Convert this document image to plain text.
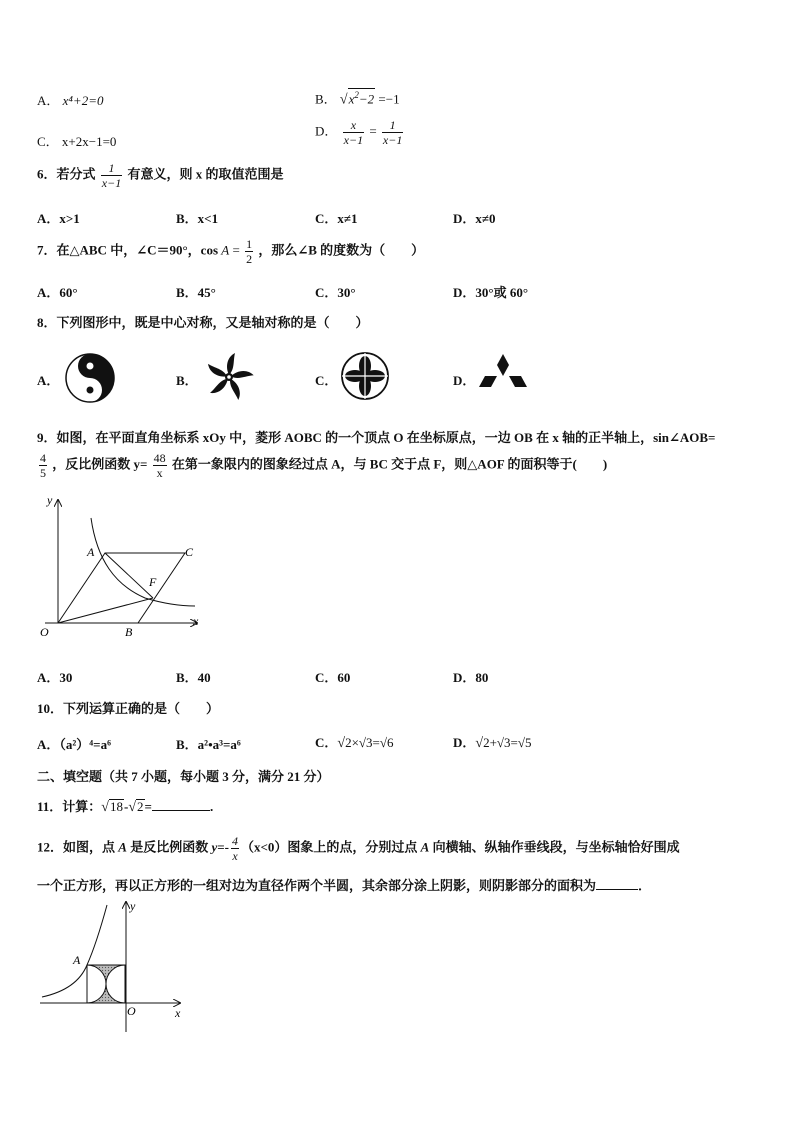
A． x⁴+2=0	B． $√x^2-2 =-1$
C． x+2x−1=0
D． $\frac{x}{x-1} = \frac{1}{x-1}$
6．若分式 $\frac{1}{x-1}$ 有意义，则 x 的取值范围是
A．x>1	B．x<1	C．x≠1	D．x≠0
7．在△ABC 中，∠C＝90°，$\cos A = \frac{1}{2}$ ，那么∠B 的度数为（　　）
A．60°	B．45°	C．30°	D．30°或 60°
8．下列图形中，既是中心对称，又是轴对称的是（　　）
A．	B．	C．	D．
9．如图，在平面直角坐标系 xOy 中，菱形 AOBC 的一个顶点 O 在坐标原点，一边 OB 在 x 轴的正半轴上，sin∠AOB=
$\frac{4}{5}$ ，反比例函数 $y= \frac{48}{x}$ 在第一象限内的图象经过点 A，与 BC 交于点 F，则△AOF 的面积等于(　　)
y
x
O
A
B
C
F
A．30	B．40	C．60	D．80
10．下列运算正确的是（　　）
A．（a²）⁴=a⁶	B．a²•a³=a⁶	C．√2×√3=√6	D．√2+√3=√5
二、填空题（共 7 小题，每小题 3 分，满分 21 分）
11．计算：√18-√2=	.
12．如图，点 A 是反比例函数 $y=- \frac{4}{x} (x<0)$图象上的点，分别过点 A 向横轴、纵轴作垂线段，与坐标轴恰好围成
一个正方形，再以正方形的一组对边为直径作两个半圆，其余部分涂上阴影，则阴影部分的面积为	．
A
y
x
O
